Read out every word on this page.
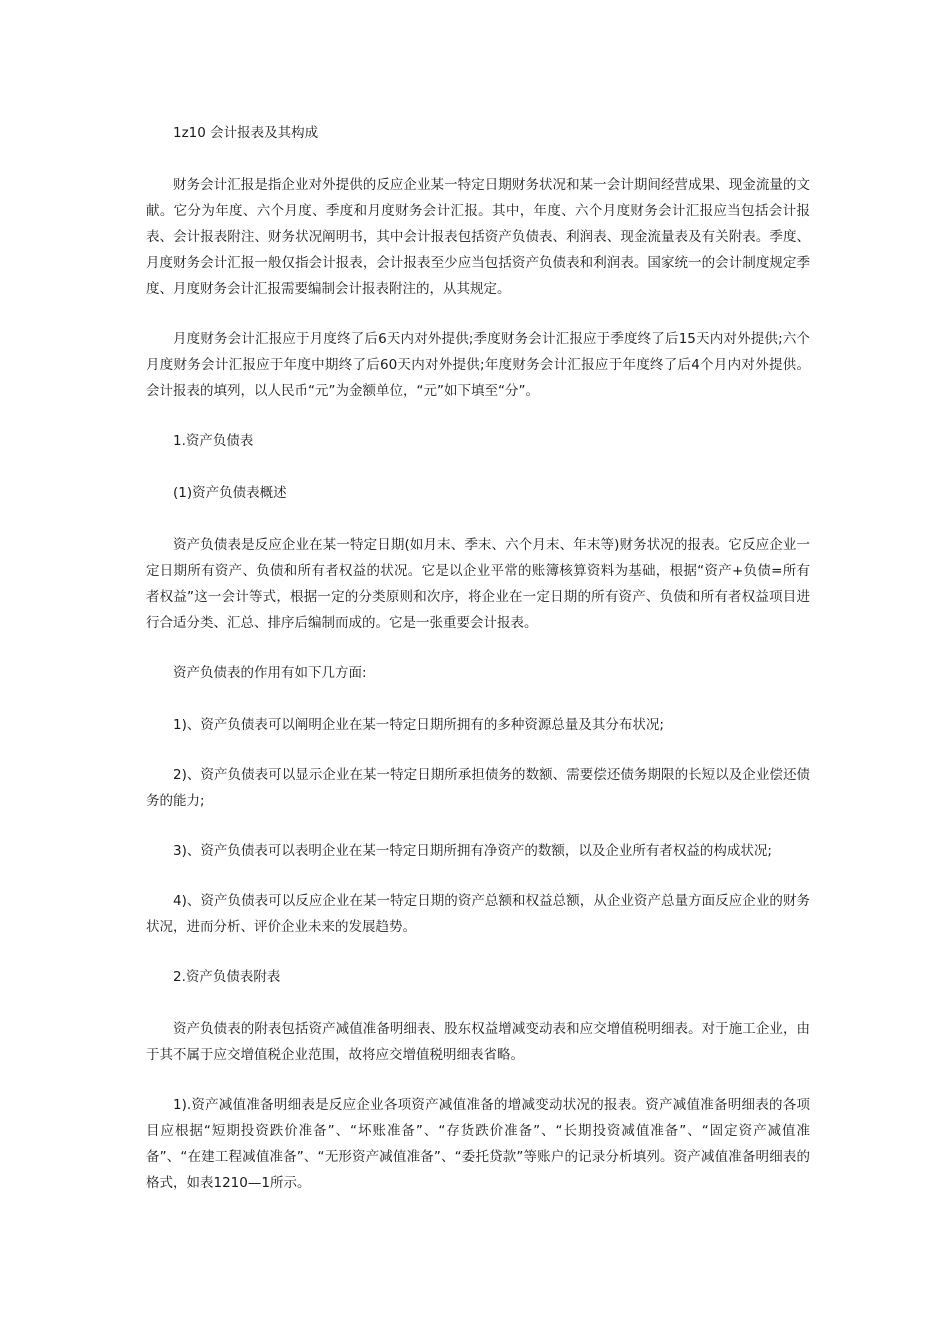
1z10 会计报表及其构成

财务会计汇报是指企业对外提供的反应企业某一特定日期财务状况和某一会计期间经营成果、现金流量的文献。它分为年度、六个月度、季度和月度财务会计汇报。其中，年度、六个月度财务会计汇报应当包括会计报表、会计报表附注、财务状况阐明书，其中会计报表包括资产负债表、利润表、现金流量表及有关附表。季度、月度财务会计汇报一般仅指会计报表，会计报表至少应当包括资产负债表和利润表。国家统一的会计制度规定季度、月度财务会计汇报需要编制会计报表附注的，从其规定。

月度财务会计汇报应于月度终了后6天内对外提供;季度财务会计汇报应于季度终了后15天内对外提供;六个月度财务会计汇报应于年度中期终了后60天内对外提供;年度财务会计汇报应于年度终了后4个月内对外提供。会计报表的填列，以人民币“元”为金额单位，“元”如下填至“分”。

1.资产负债表

(1)资产负债表概述

资产负债表是反应企业在某一特定日期(如月末、季末、六个月末、年末等)财务状况的报表。它反应企业一定日期所有资产、负债和所有者权益的状况。它是以企业平常的账簿核算资料为基础，根据“资产+负债=所有者权益”这一会计等式，根据一定的分类原则和次序，将企业在一定日期的所有资产、负债和所有者权益项目进行合适分类、汇总、排序后编制而成的。它是一张重要会计报表。

资产负债表的作用有如下几方面:

1)、资产负债表可以阐明企业在某一特定日期所拥有的多种资源总量及其分布状况;

2)、资产负债表可以显示企业在某一特定日期所承担债务的数额、需要偿还债务期限的长短以及企业偿还债务的能力;

3)、资产负债表可以表明企业在某一特定日期所拥有净资产的数额，以及企业所有者权益的构成状况;

4)、资产负债表可以反应企业在某一特定日期的资产总额和权益总额，从企业资产总量方面反应企业的财务状况，进而分析、评价企业未来的发展趋势。

2.资产负债表附表

资产负债表的附表包括资产减值准备明细表、股东权益增减变动表和应交增值税明细表。对于施工企业，由于其不属于应交增值税企业范围，故将应交增值税明细表省略。

1).资产减值准备明细表是反应企业各项资产减值准备的增减变动状况的报表。资产减值准备明细表的各项目应根据“短期投资跌价准备”、“坏账准备”、“存货跌价准备”、“长期投资减值准备”、“固定资产减值准备”、“在建工程减值准备”、“无形资产减值准备”、“委托贷款”等账户的记录分析填列。资产减值准备明细表的格式，如表1210—1所示。
